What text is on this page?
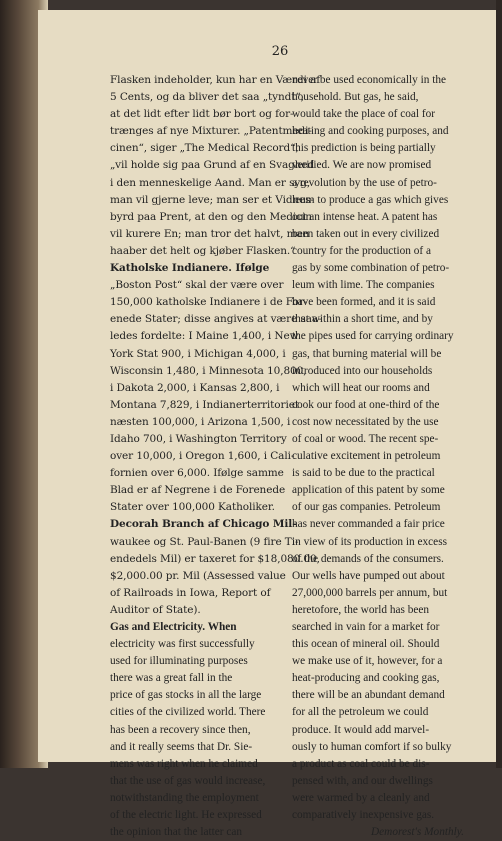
26
Flasken indeholder, kun har en Værdi af
5 Cents, og da bliver det saa „tyndt“,
at det lidt efter lidt bør bort og for-
trænges af nye Mixturer. „Patentmedi-
cinen“, siger „The Medical Record“,
„vil holde sig paa Grund af en Svaghed
i den menneskelige Aand. Man er syg,
man vil gjerne leve; man ser et Vidnes-
byrd paa Prent, at den og den Medicin
vil kurere En; man tror det halvt, man
haaber det helt og kjøber Flasken.“
Katholske Indianere. Ifølge
„Boston Post“ skal der være over
150,000 katholske Indianere i de For-
enede Stater; disse angives at være saa-
ledes fordelte: I Maine 1,400, i New
York Stat 900, i Michigan 4,000, i
Wisconsin 1,480, i Minnesota 10,800,
i Dakota 2,000, i Kansas 2,800, i
Montana 7,829, i Indianerterritoriet
næsten 100,000, i Arizona 1,500, i
Idaho 700, i Washington Territory
over 10,000, i Oregon 1,600, i Cali-
fornien over 6,000. Ifølge samme
Blad er af Negrene i de Forenede
Stater over 100,000 Katholiker.
Decorah Branch af Chicago Mil-
waukee og St. Paul-Banen (9 fire Ti-
endedels Mil) er taxeret for $18,080.00,
$2,000.00 pr. Mil (Assessed value
of Railroads in Iowa, Report of
Auditor of State).
Gas and Electricity. When
electricity was first successfully
used for illuminating purposes
there was a great fall in the
price of gas stocks in all the large
cities of the civilized world. There
has been a recovery since then,
and it really seems that Dr. Sie-
mens was right when he claimed
that the use of gas would increase,
notwithstanding the employment
of the electric light. He expressed
the opinion that the latter can
never be used economically in the
household. But gas, he said,
would take the place of coal for
heating and cooking purposes, and
this prediction is being partially
verified. We are now promised
a revolution by the use of petro-
leum to produce a gas which gives
out an intense heat. A patent has
been taken out in every civilized
country for the production of a
gas by some combination of petro-
leum with lime. The companies
have been formed, and it is said
that within a short time, and by
the pipes used for carrying ordinary
gas, that burning material will be
introduced into our households
which will heat our rooms and
cook our food at one-third of the
cost now necessitated by the use
of coal or wood. The recent spe-
culative excitement in petroleum
is said to be due to the practical
application of this patent by some
of our gas companies. Petroleum
has never commanded a fair price
in view of its production in excess
of the demands of the consumers.
Our wells have pumped out about
27,000,000 barrels per annum, but
heretofore, the world has been
searched in vain for a market for
this ocean of mineral oil. Should
we make use of it, however, for a
heat-producing and cooking gas,
there will be an abundant demand
for all the petroleum we could
produce. It would add marvel-
ously to human comfort if so bulky
a product as coal could be dis-
pensed with, and our dwellings
were warmed by a cleanly and
comparatively inexpensive gas.
Demorest's Monthly.
